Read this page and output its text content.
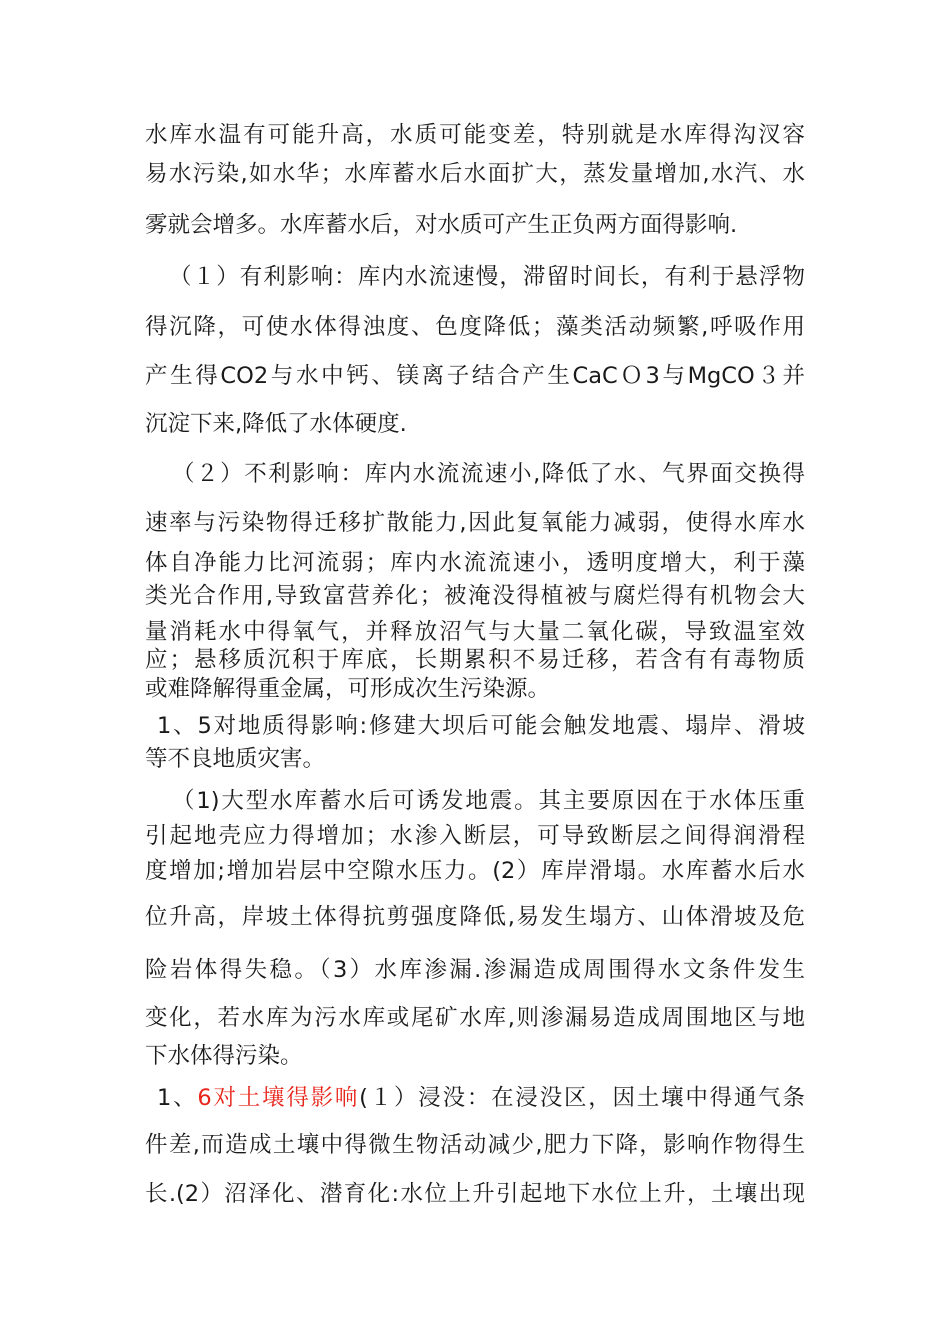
水库水温有可能升高，水质可能变差，特别就是水库得沟汊容
易水污染,如水华；水库蓄水后水面扩大，蒸发量增加,水汽、水
雾就会增多。水库蓄水后，对水质可产生正负两方面得影响.
（１）有利影响：库内水流速慢，滞留时间长，有利于悬浮物
得沉降，可使水体得浊度、色度降低；藻类活动频繁,呼吸作用
产生得CO2与水中钙、镁离子结合产生CaCＯ3与MgCO３并
沉淀下来,降低了水体硬度.
（２）不利影响：库内水流流速小,降低了水、气界面交换得
速率与污染物得迁移扩散能力,因此复氧能力减弱，使得水库水
体自净能力比河流弱；库内水流流速小，透明度增大，利于藻
类光合作用,导致富营养化；被淹没得植被与腐烂得有机物会大
量消耗水中得氧气，并释放沼气与大量二氧化碳，导致温室效
应；悬移质沉积于库底，长期累积不易迁移，若含有有毒物质
或难降解得重金属，可形成次生污染源。
1、5对地质得影响:修建大坝后可能会触发地震、塌岸、滑坡
等不良地质灾害。
（1)大型水库蓄水后可诱发地震。其主要原因在于水体压重
引起地壳应力得增加；水渗入断层，可导致断层之间得润滑程
度增加;增加岩层中空隙水压力。(2）库岸滑塌。水库蓄水后水
位升高，岸坡土体得抗剪强度降低,易发生塌方、山体滑坡及危
险岩体得失稳。（3）水库渗漏.渗漏造成周围得水文条件发生
变化，若水库为污水库或尾矿水库,则渗漏易造成周围地区与地
下水体得污染。
1、6对土壤得影响(１）浸没：在浸没区，因土壤中得通气条
件差,而造成土壤中得微生物活动减少,肥力下降，影响作物得生
长.(2）沼泽化、潜育化:水位上升引起地下水位上升，土壤出现
